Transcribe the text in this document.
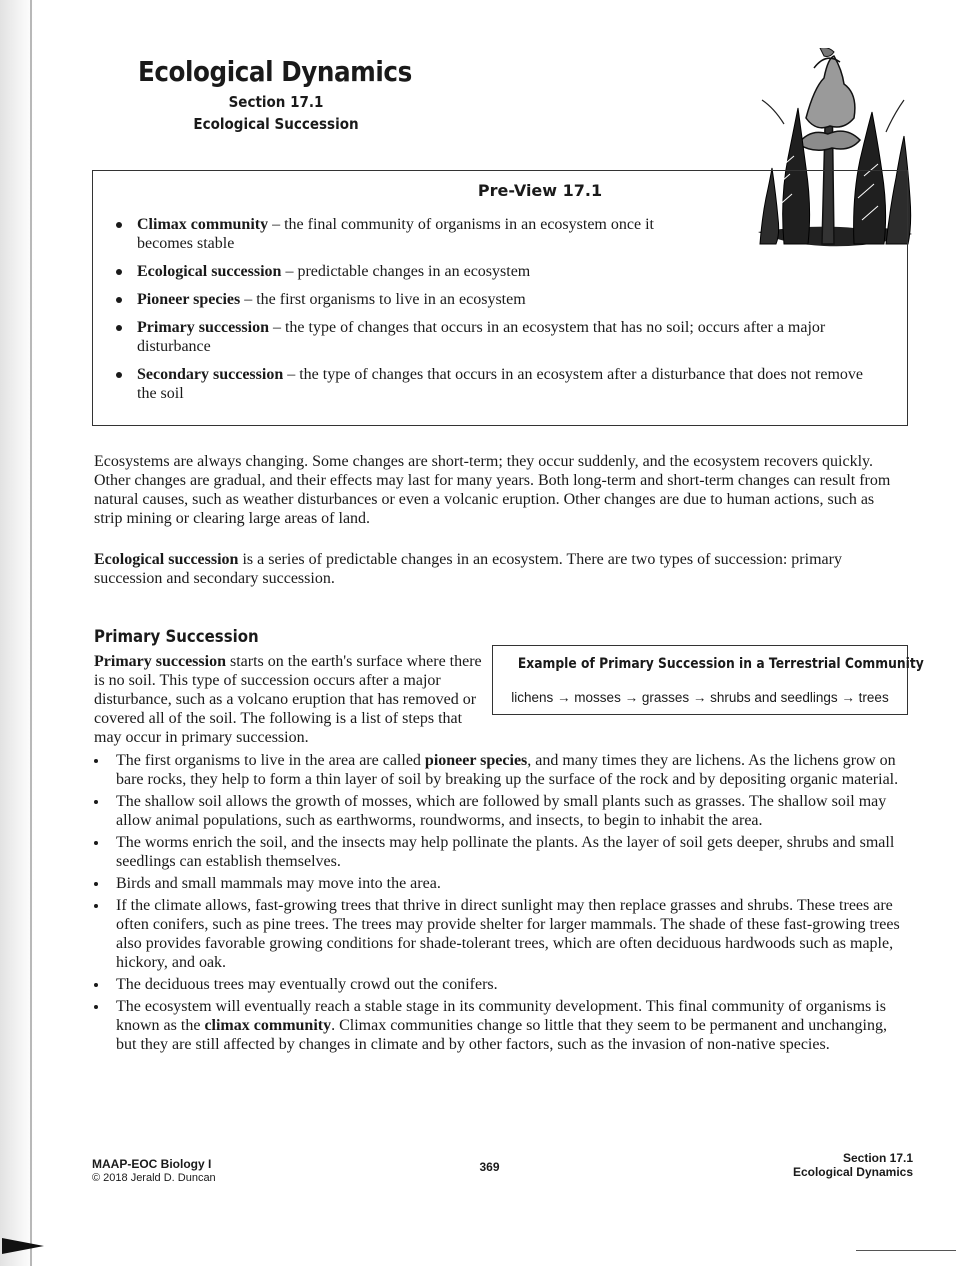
Ecological Dynamics
Section 17.1
Ecological Succession
Pre-View 17.1
Climax community – the final community of organisms in an ecosystem once it becomes stable
Ecological succession – predictable changes in an ecosystem
Pioneer species – the first organisms to live in an ecosystem
Primary succession – the type of changes that occurs in an ecosystem that has no soil; occurs after a major disturbance
Secondary succession – the type of changes that occurs in an ecosystem after a disturbance that does not remove the soil

Ecosystems are always changing. Some changes are short-term; they occur suddenly, and the ecosystem recovers quickly. Other changes are gradual, and their effects may last for many years. Both long-term and short-term changes can result from natural causes, such as weather disturbances or even a volcanic eruption. Other changes are due to human actions, such as strip mining or clearing large areas of land.

Ecological succession is a series of predictable changes in an ecosystem. There are two types of succession: primary succession and secondary succession.

Primary Succession

Primary succession starts on the earth's surface where there is no soil. This type of succession occurs after a major disturbance, such as a volcano eruption that has removed or covered all of the soil. The following is a list of steps that may occur in primary succession.

Example of Primary Succession in a Terrestrial Community
lichens → mosses → grasses → shrubs and seedlings → trees
The first organisms to live in the area are called pioneer species, and many times they are lichens. As the lichens grow on bare rocks, they help to form a thin layer of soil by breaking up the surface of the rock and by depositing organic material.
The shallow soil allows the growth of mosses, which are followed by small plants such as grasses. The shallow soil may allow animal populations, such as earthworms, roundworms, and insects, to begin to inhabit the area.
The worms enrich the soil, and the insects may help pollinate the plants. As the layer of soil gets deeper, shrubs and small seedlings can establish themselves.
Birds and small mammals may move into the area.
If the climate allows, fast-growing trees that thrive in direct sunlight may then replace grasses and shrubs. These trees are often conifers, such as pine trees. The trees may provide shelter for larger mammals. The shade of these fast-growing trees also provides favorable growing conditions for shade-tolerant trees, which are often deciduous hardwoods such as maple, hickory, and oak.
The deciduous trees may eventually crowd out the conifers.
The ecosystem will eventually reach a stable stage in its community development. This final community of organisms is known as the climax community. Climax communities change so little that they seem to be permanent and unchanging, but they are still affected by changes in climate and by other factors, such as the invasion of non-native species.
MAAP-EOC Biology I
© 2018 Jerald D. Duncan
369
Section 17.1
Ecological Dynamics
